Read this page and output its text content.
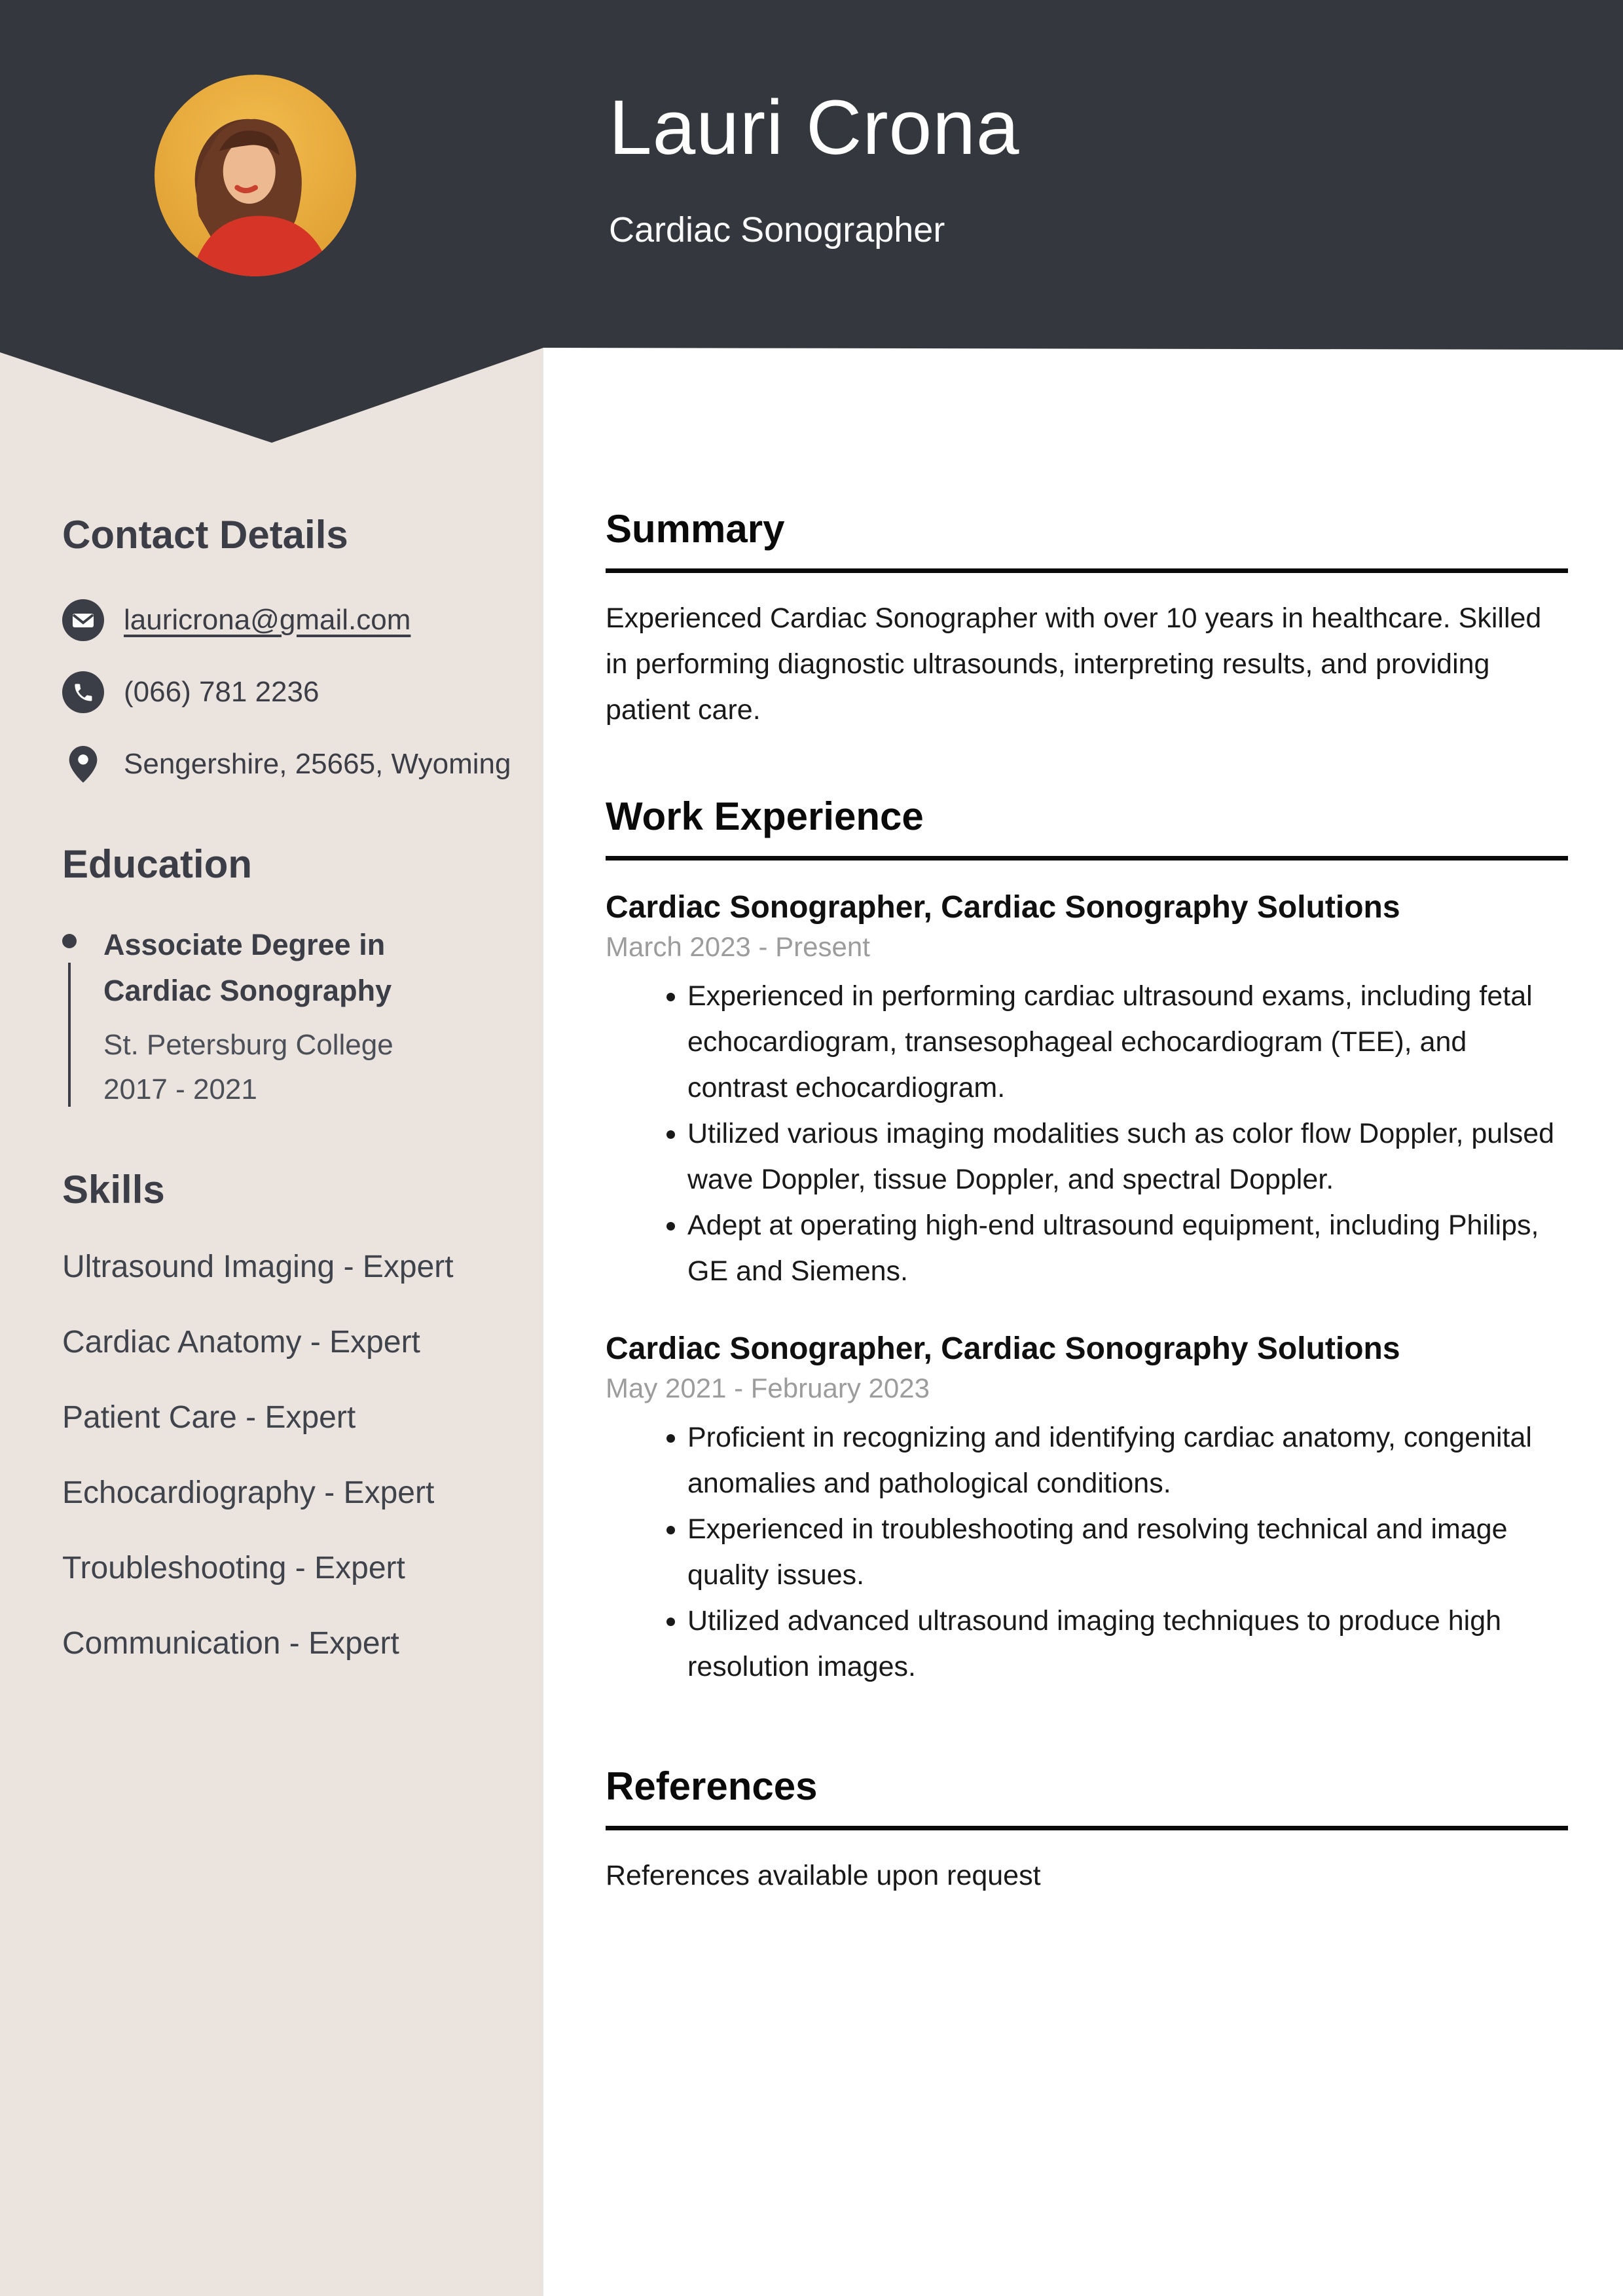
Lauri Crona
Cardiac Sonographer
Contact Details
lauricrona@gmail.com
(066) 781 2236
Sengershire, 25665, Wyoming
Education
Associate Degree in Cardiac Sonography
St. Petersburg College
2017 - 2021
Skills
Ultrasound Imaging - Expert
Cardiac Anatomy - Expert
Patient Care - Expert
Echocardiography - Expert
Troubleshooting - Expert
Communication - Expert
Summary

Experienced Cardiac Sonographer with over 10 years in healthcare. Skilled in performing diagnostic ultrasounds, interpreting results, and providing patient care.

Work Experience
Cardiac Sonographer, Cardiac Sonography Solutions
March 2023 - Present
• Experienced in performing cardiac ultrasound exams, including fetal echocardiogram, transesophageal echocardiogram (TEE), and contrast echocardiogram.
• Utilized various imaging modalities such as color flow Doppler, pulsed wave Doppler, tissue Doppler, and spectral Doppler.
• Adept at operating high-end ultrasound equipment, including Philips, GE and Siemens.
Cardiac Sonographer, Cardiac Sonography Solutions
May 2021 - February 2023
• Proficient in recognizing and identifying cardiac anatomy, congenital anomalies and pathological conditions.
• Experienced in troubleshooting and resolving technical and image quality issues.
• Utilized advanced ultrasound imaging techniques to produce high resolution images.
References

References available upon request
